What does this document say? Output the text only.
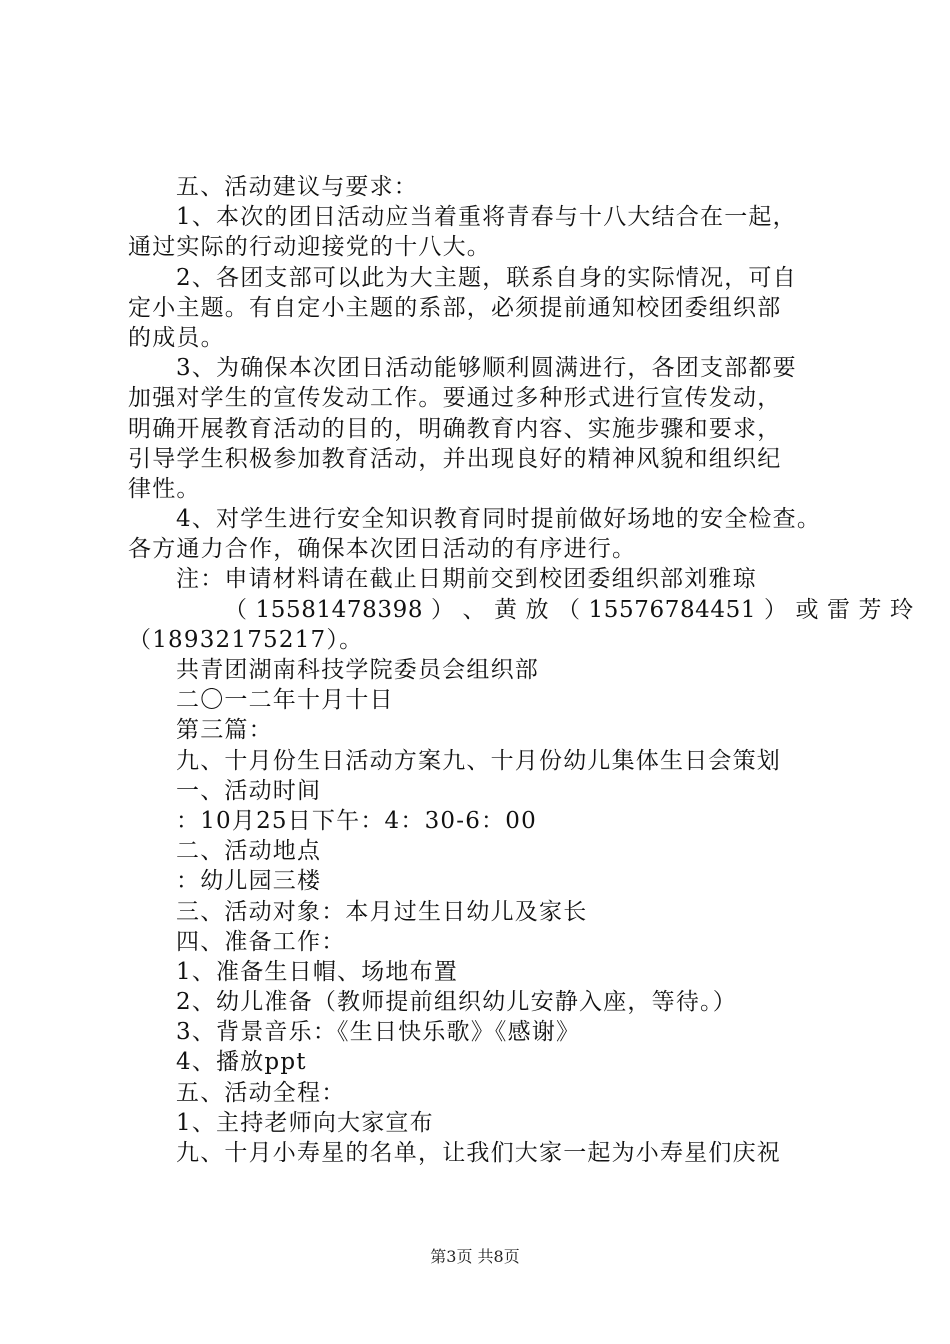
五、活动建议与要求：
1、本次的团日活动应当着重将青春与十八大结合在一起，
通过实际的行动迎接党的十八大。
2、各团支部可以此为大主题，联系自身的实际情况，可自
定小主题。有自定小主题的系部，必须提前通知校团委组织部
的成员。
3、为确保本次团日活动能够顺利圆满进行，各团支部都要
加强对学生的宣传发动工作。要通过多种形式进行宣传发动，
明确开展教育活动的目的，明确教育内容、实施步骤和要求，
引导学生积极参加教育活动，并出现良好的精神风貌和组织纪
律性。
4、对学生进行安全知识教育同时提前做好场地的安全检查。
各方通力合作，确保本次团日活动的有序进行。
注：申请材料请在截止日期前交到校团委组织部刘雅琼
（ 15581478398 ） 、 黄 放 （ 15576784451 ） 或 雷 芳 玲
（18932175217）。
共青团湖南科技学院委员会组织部
二〇一二年十月十日
第三篇：
九、十月份生日活动方案九、十月份幼儿集体生日会策划
一、活动时间
：10月25日下午：4：30-6：00
二、活动地点
：幼儿园三楼
三、活动对象：本月过生日幼儿及家长
四、准备工作：
1、准备生日帽、场地布置
2、幼儿准备（教师提前组织幼儿安静入座，等待。）
3、背景音乐：《生日快乐歌》《感谢》
4、播放ppt
五、活动全程：
1、主持老师向大家宣布
九、十月小寿星的名单，让我们大家一起为小寿星们庆祝
第3页 共8页
